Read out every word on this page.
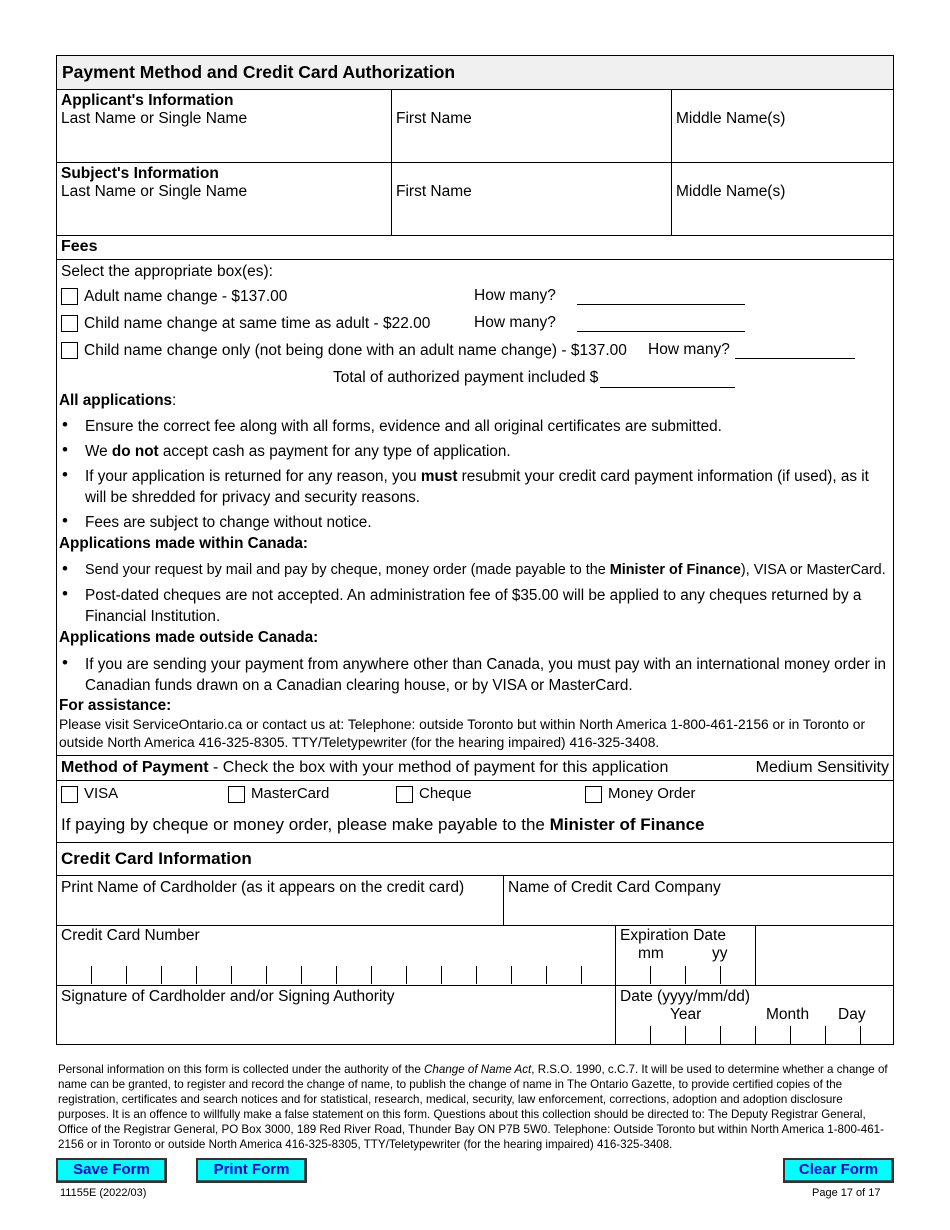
Payment Method and Credit Card Authorization
Applicant's Information
Last Name or Single Name	First Name	Middle Name(s)
Subject's Information
Last Name or Single Name	First Name	Middle Name(s)
Fees
Select the appropriate box(es):
Adult name change - $137.00	How many?
Child name change at same time as adult - $22.00	How many?
Child name change only (not being done with an adult name change) - $137.00 How many?
Total of authorized payment included $
All applications:
• Ensure the correct fee along with all forms, evidence and all original certificates are submitted.
• We do not accept cash as payment for any type of application.
• If your application is returned for any reason, you must resubmit your credit card payment information (if used), as it will be shredded for privacy and security reasons.
• Fees are subject to change without notice.
Applications made within Canada:
• Send your request by mail and pay by cheque, money order (made payable to the Minister of Finance), VISA or MasterCard.
• Post-dated cheques are not accepted. An administration fee of $35.00 will be applied to any cheques returned by a Financial Institution.
Applications made outside Canada:
• If you are sending your payment from anywhere other than Canada, you must pay with an international money order in Canadian funds drawn on a Canadian clearing house, or by VISA or MasterCard.
For assistance:
Please visit ServiceOntario.ca or contact us at: Telephone: outside Toronto but within North America 1-800-461-2156 or in Toronto or outside North America 416-325-8305. TTY/Teletypewriter (for the hearing impaired) 416-325-3408.
Method of Payment - Check the box with your method of payment for this application	Medium Sensitivity
VISA	MasterCard	Cheque	Money Order
If paying by cheque or money order, please make payable to the Minister of Finance
Credit Card Information
Print Name of Cardholder (as it appears on the credit card)	Name of Credit Card Company
Credit Card Number	Expiration Date
mm	yy
Signature of Cardholder and/or Signing Authority	Date (yyyy/mm/dd)
Year	Month Day
Personal information on this form is collected under the authority of the Change of Name Act, R.S.O. 1990, c.C.7. It will be used to determine whether a change of name can be granted, to register and record the change of name, to publish the change of name in The Ontario Gazette, to provide certified copies of the registration, certificates and search notices and for statistical, research, medical, security, law enforcement, corrections, adoption and adoption disclosure purposes. It is an offence to willfully make a false statement on this form. Questions about this collection should be directed to: The Deputy Registrar General, Office of the Registrar General, PO Box 3000, 189 Red River Road, Thunder Bay ON P7B 5W0. Telephone: Outside Toronto but within North America 1-800-461-2156 or in Toronto or outside North America 416-325-8305, TTY/Teletypewriter (for the hearing impaired) 416-325-3408.
Save Form	Print Form	Clear Form
11155E (2022/03)	Page 17 of 17
